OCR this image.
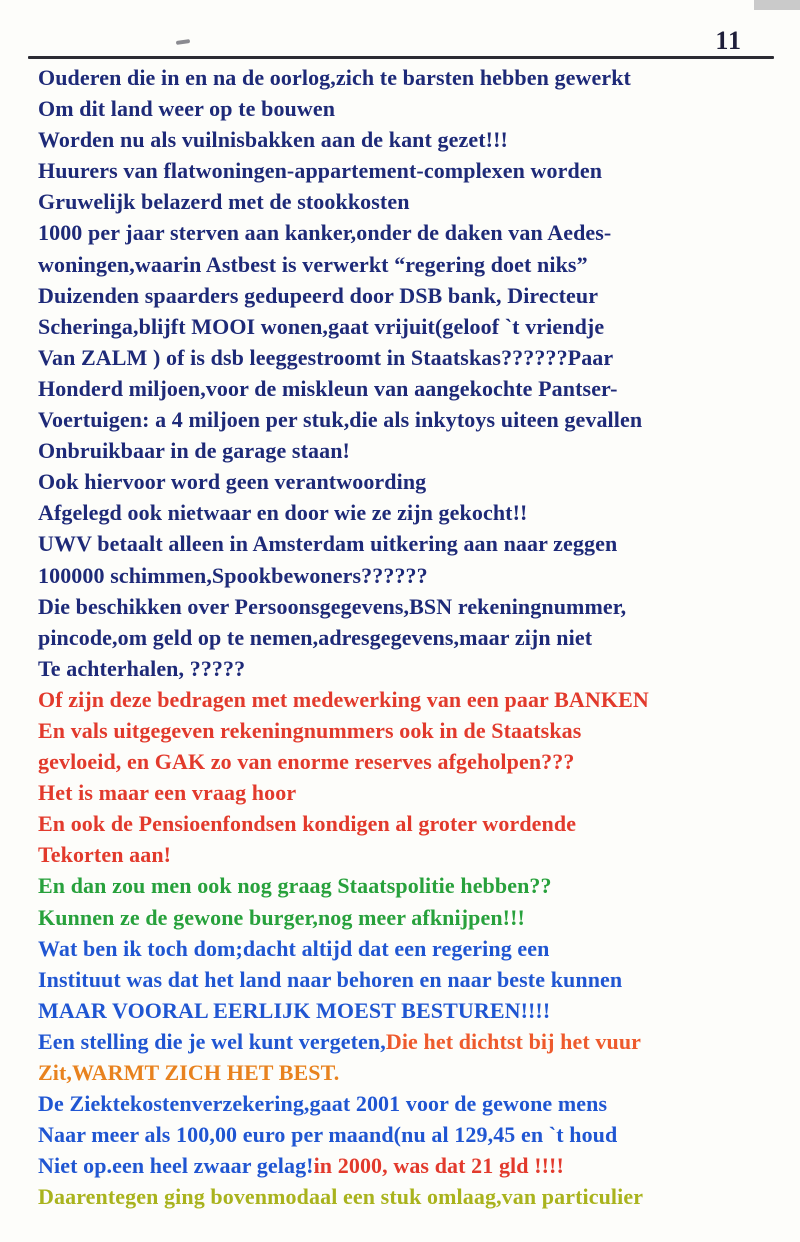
11
Ouderen die in en na de oorlog,zich te barsten hebben gewerkt
Om dit land weer op te bouwen
Worden nu als vuilnisbakken aan de kant gezet!!!
Huurers van flatwoningen-appartement-complexen worden
Gruwelijk belazerd met de stookkosten
1000 per jaar sterven aan kanker,onder de daken van Aedes-
woningen,waarin Astbest is verwerkt “regering doet niks”
Duizenden spaarders gedupeerd door DSB bank, Directeur
Scheringa,blijft MOOI wonen,gaat vrijuit(geloof `t vriendje
Van ZALM ) of is dsb leeggestroomt in Staatskas??????Paar
Honderd miljoen,voor de miskleun van aangekochte Pantser-
Voertuigen: a 4 miljoen per stuk,die als inkytoys uiteen gevallen
Onbruikbaar in de garage staan!
Ook hiervoor word geen verantwoording
Afgelegd ook nietwaar en door wie ze zijn gekocht!!
UWV betaalt alleen in Amsterdam uitkering aan naar zeggen
100000 schimmen,Spookbewoners??????
Die beschikken over Persoonsgegevens,BSN rekeningnummer,
pincode,om geld op te nemen,adresgegevens,maar zijn niet
Te achterhalen, ?????
Of zijn deze bedragen met medewerking van een paar BANKEN
En vals uitgegeven rekeningnummers ook in de Staatskas
gevloeid, en GAK zo van enorme reserves afgeholpen???
Het is maar een vraag hoor
En ook de Pensioenfondsen kondigen al groter wordende
Tekorten aan!
En dan zou men ook nog graag Staatspolitie hebben??
Kunnen ze de gewone burger,nog meer afknijpen!!!
Wat ben ik toch dom;dacht altijd dat een regering een
Instituut was dat het land naar behoren en naar beste kunnen
MAAR VOORAL EERLIJK MOEST BESTUREN!!!!
Een stelling die je wel kunt vergeten,Die het dichtst bij het vuur
Zit,WARMT ZICH HET BEST.
De Ziektekostenverzekering,gaat 2001 voor de gewone mens
Naar meer als 100,00 euro per maand(nu al 129,45 en `t houd
Niet op.een heel zwaar gelag!in 2000, was dat 21 gld !!!!
Daarentegen ging bovenmodaal een stuk omlaag,van particulier
